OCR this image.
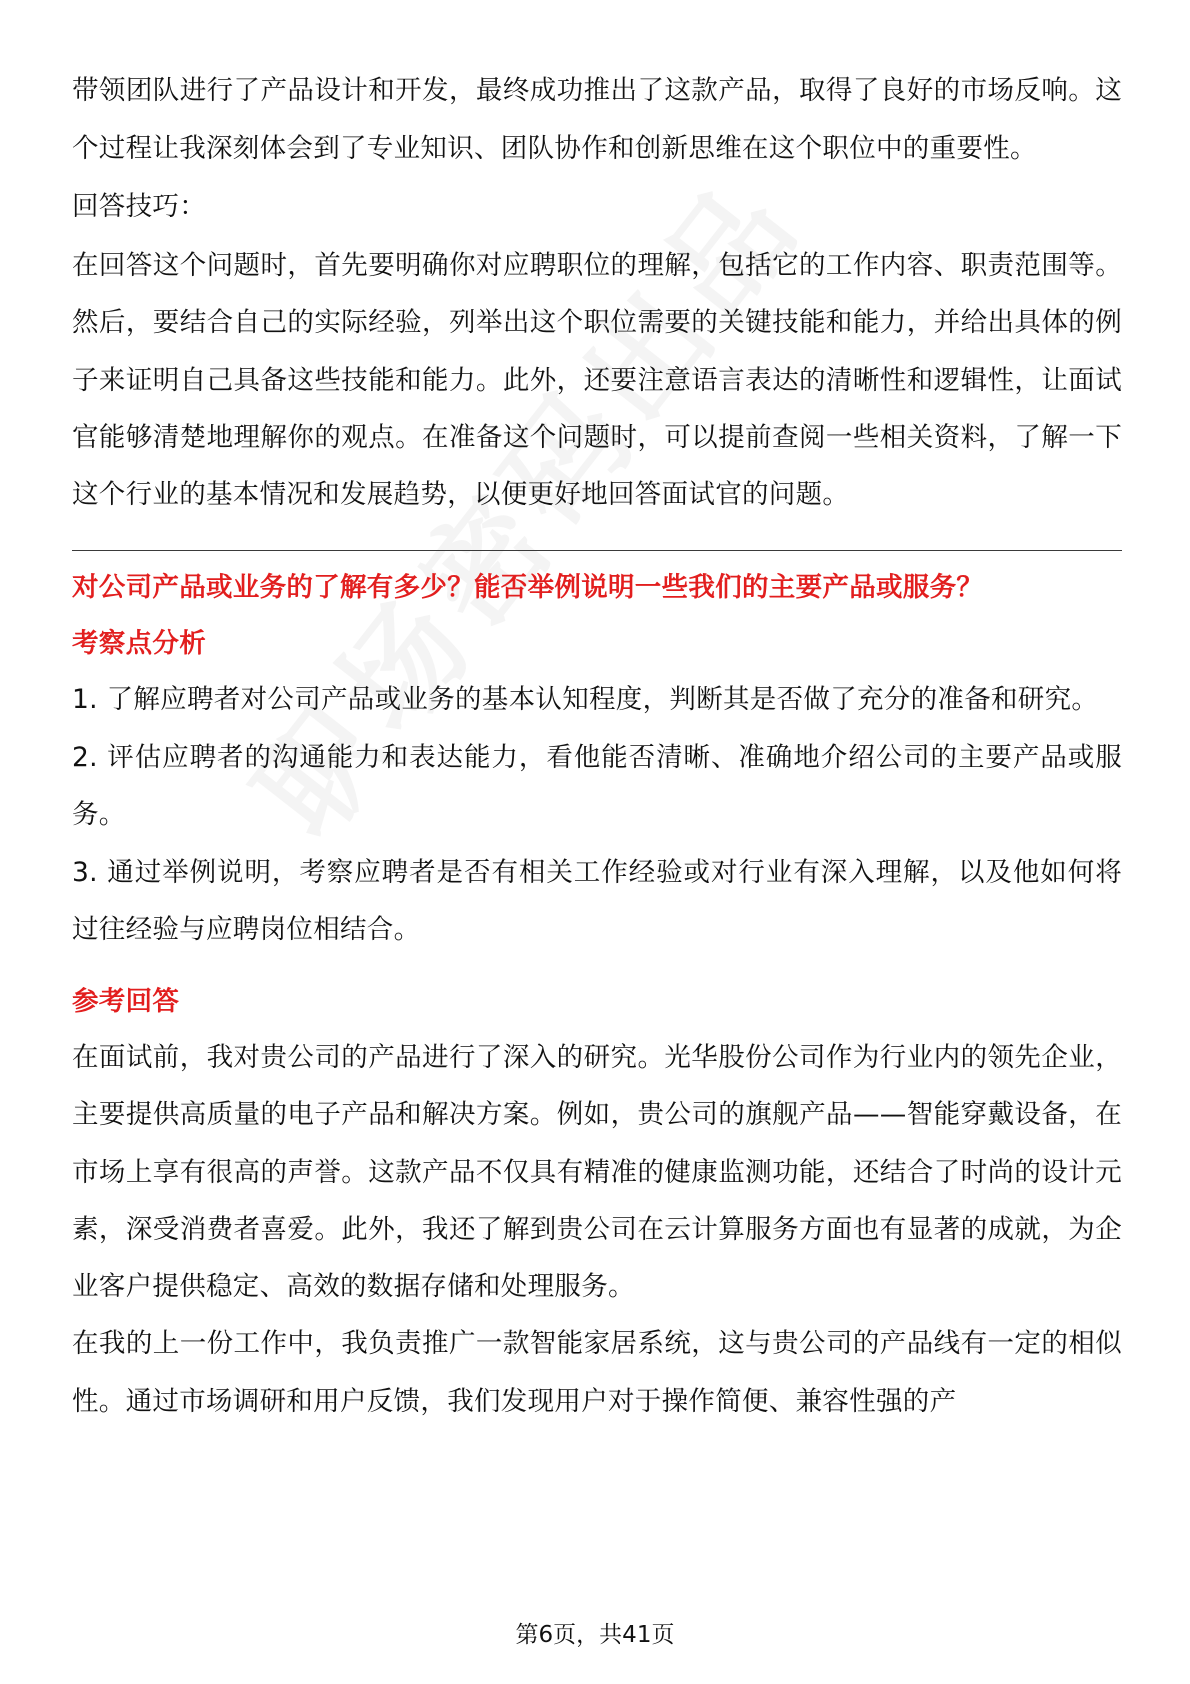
带领团队进行了产品设计和开发，最终成功推出了这款产品，取得了良好的市场反响。这个过程让我深刻体会到了专业知识、团队协作和创新思维在这个职位中的重要性。

回答技巧：

在回答这个问题时，首先要明确你对应聘职位的理解，包括它的工作内容、职责范围等。然后，要结合自己的实际经验，列举出这个职位需要的关键技能和能力，并给出具体的例子来证明自己具备这些技能和能力。此外，还要注意语言表达的清晰性和逻辑性，让面试官能够清楚地理解你的观点。在准备这个问题时，可以提前查阅一些相关资料，了解一下这个行业的基本情况和发展趋势，以便更好地回答面试官的问题。

对公司产品或业务的了解有多少？能否举例说明一些我们的主要产品或服务？
考察点分析

1. 了解应聘者对公司产品或业务的基本认知程度，判断其是否做了充分的准备和研究。

2. 评估应聘者的沟通能力和表达能力，看他能否清晰、准确地介绍公司的主要产品或服务。

3. 通过举例说明，考察应聘者是否有相关工作经验或对行业有深入理解，以及他如何将过往经验与应聘岗位相结合。

参考回答

在面试前，我对贵公司的产品进行了深入的研究。光华股份公司作为行业内的领先企业，主要提供高质量的电子产品和解决方案。例如，贵公司的旗舰产品——智能穿戴设备，在市场上享有很高的声誉。这款产品不仅具有精准的健康监测功能，还结合了时尚的设计元素，深受消费者喜爱。此外，我还了解到贵公司在云计算服务方面也有显著的成就，为企业客户提供稳定、高效的数据存储和处理服务。

在我的上一份工作中，我负责推广一款智能家居系统，这与贵公司的产品线有一定的相似性。通过市场调研和用户反馈，我们发现用户对于操作简便、兼容性强的产

第6页，共41页
